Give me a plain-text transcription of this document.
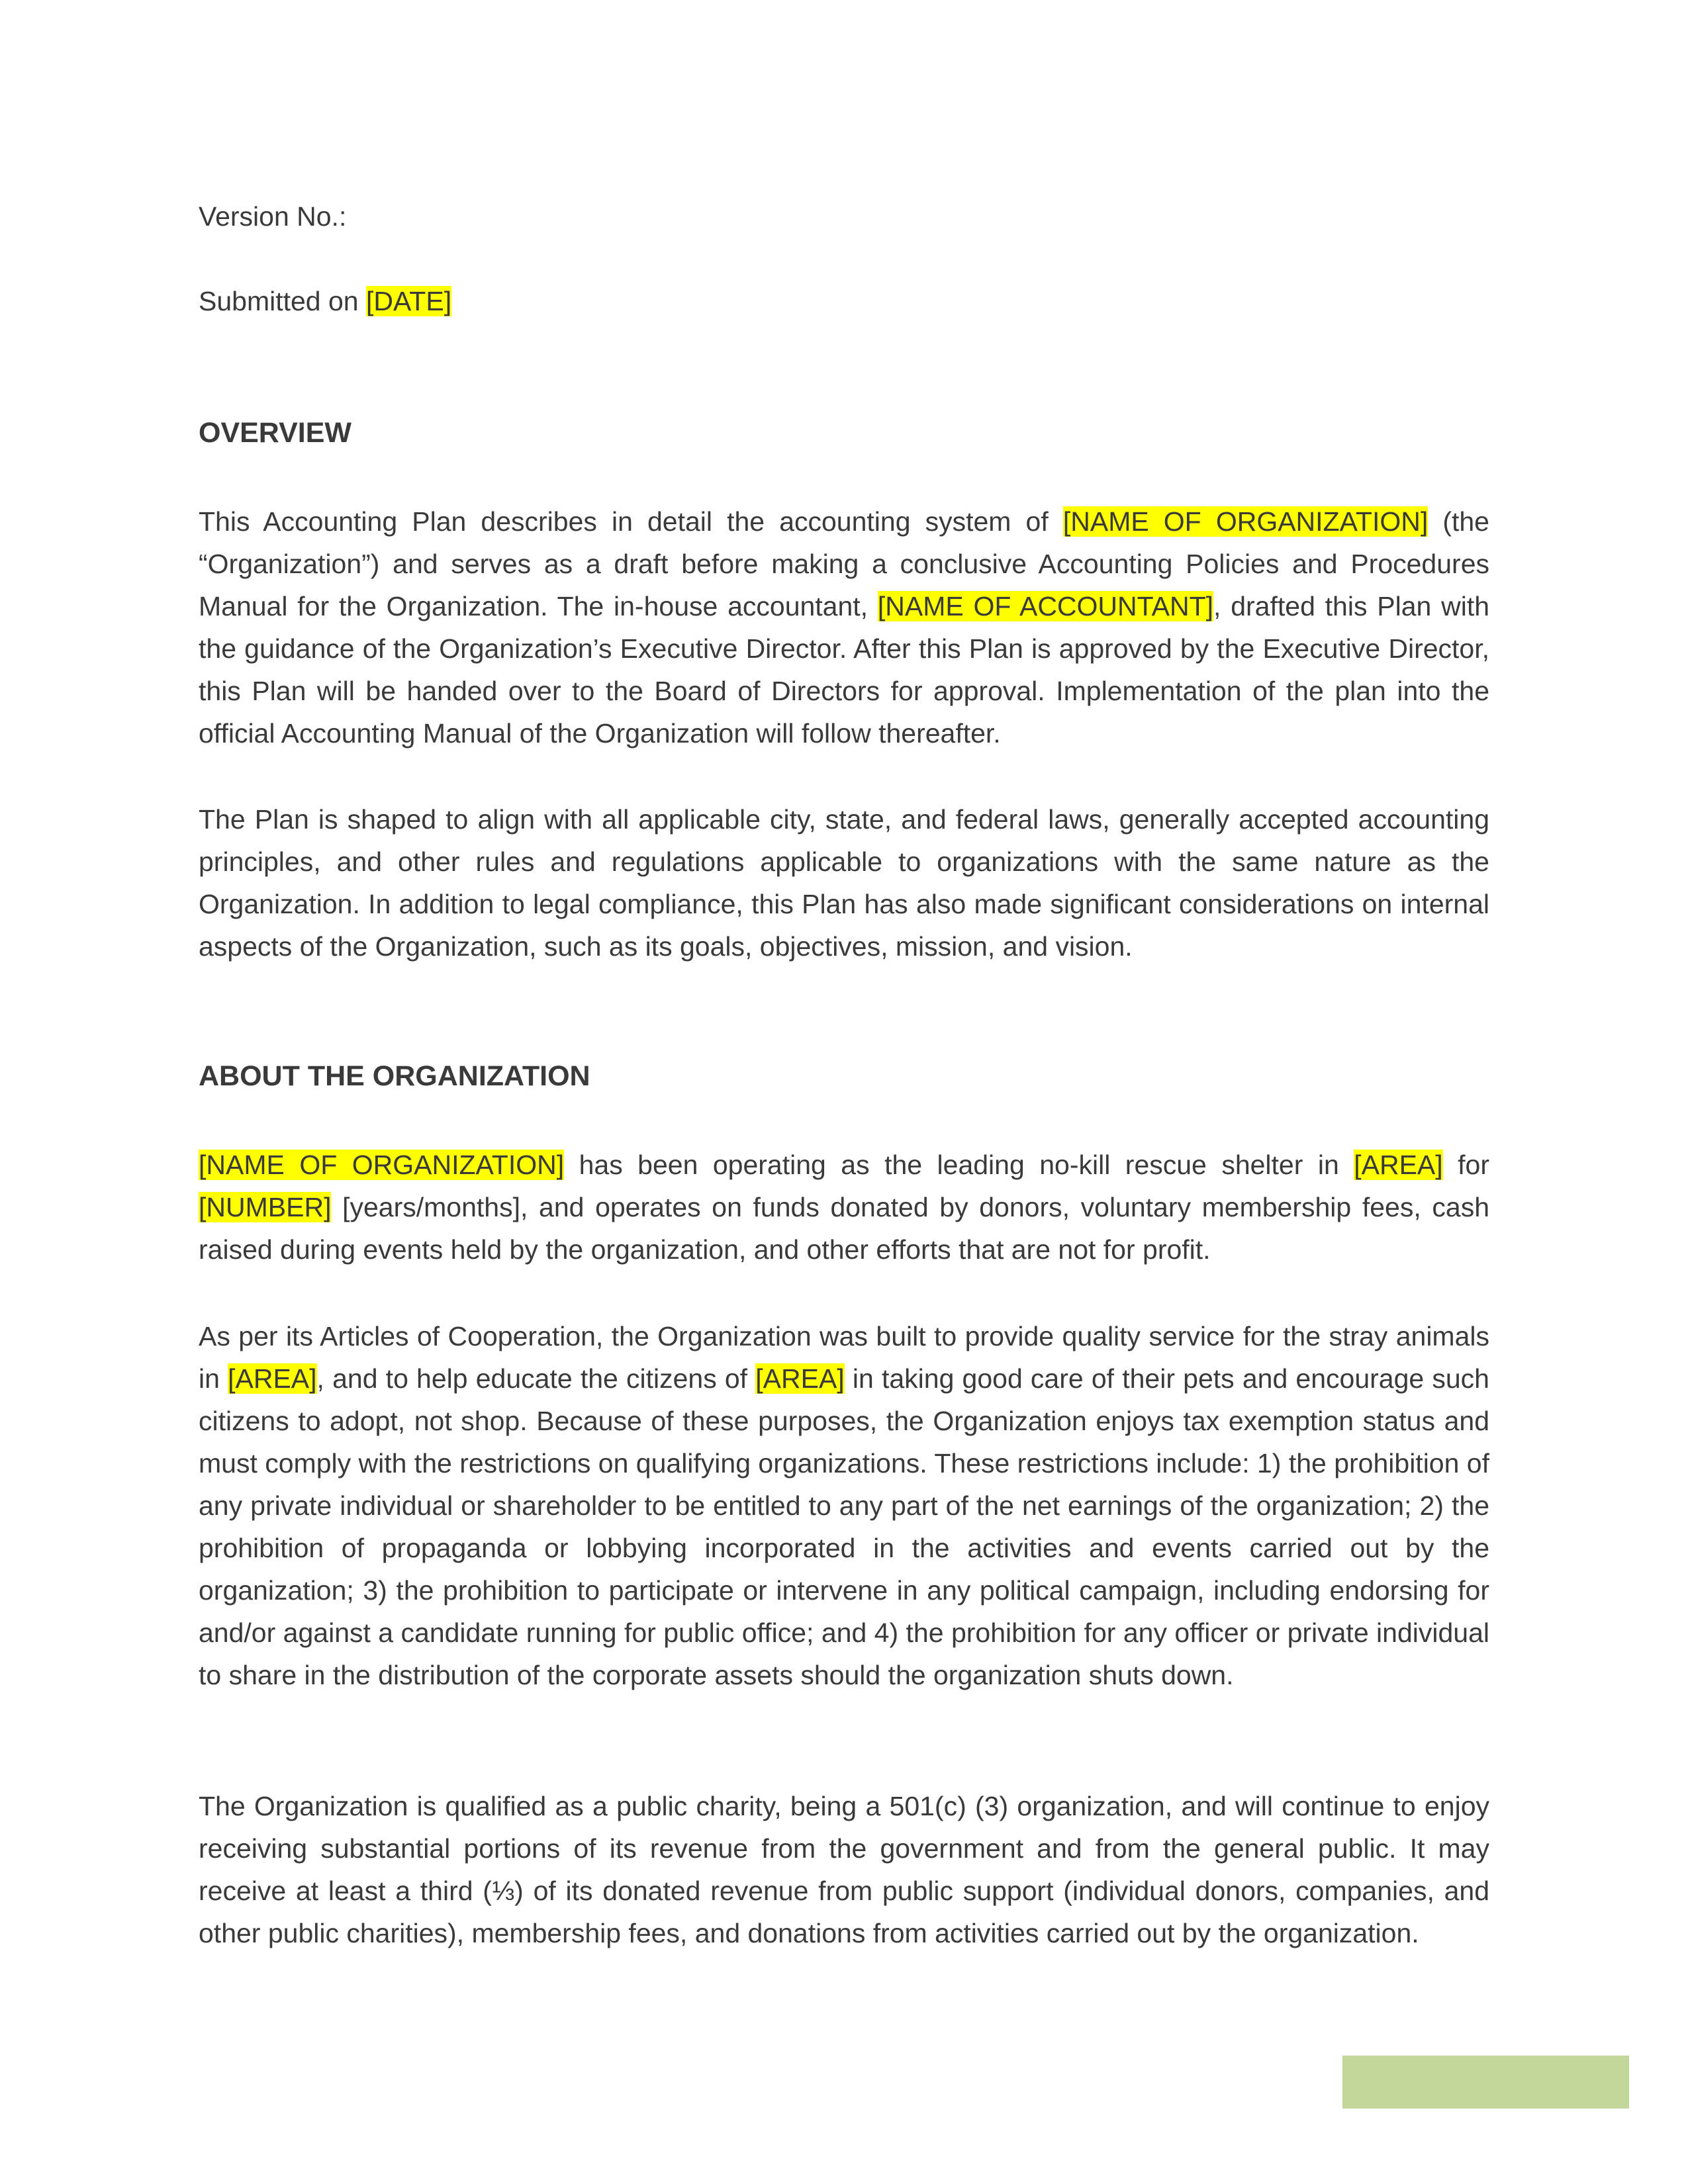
Version No.:
Submitted on [DATE]
OVERVIEW

This Accounting Plan describes in detail the accounting system of [NAME OF ORGANIZATION] (the “Organization”) and serves as a draft before making a conclusive Accounting Policies and Procedures Manual for the Organization. The in-house accountant, [NAME OF ACCOUNTANT], drafted this Plan with the guidance of the Organization’s Executive Director. After this Plan is approved by the Executive Director, this Plan will be handed over to the Board of Directors for approval. Implementation of the plan into the official Accounting Manual of the Organization will follow thereafter.

The Plan is shaped to align with all applicable city, state, and federal laws, generally accepted accounting principles, and other rules and regulations applicable to organizations with the same nature as the Organization. In addition to legal compliance, this Plan has also made significant considerations on internal aspects of the Organization, such as its goals, objectives, mission, and vision.

ABOUT THE ORGANIZATION

[NAME OF ORGANIZATION] has been operating as the leading no-kill rescue shelter in [AREA] for [NUMBER] [years/months], and operates on funds donated by donors, voluntary membership fees, cash raised during events held by the organization, and other efforts that are not for profit.

As per its Articles of Cooperation, the Organization was built to provide quality service for the stray animals in [AREA], and to help educate the citizens of [AREA] in taking good care of their pets and encourage such citizens to adopt, not shop. Because of these purposes, the Organization enjoys tax exemption status and must comply with the restrictions on qualifying organizations. These restrictions include: 1) the prohibition of any private individual or shareholder to be entitled to any part of the net earnings of the organization; 2) the prohibition of propaganda or lobbying incorporated in the activities and events carried out by the organization; 3) the prohibition to participate or intervene in any political campaign, including endorsing for and/or against a candidate running for public office; and 4) the prohibition for any officer or private individual to share in the distribution of the corporate assets should the organization shuts down.

The Organization is qualified as a public charity, being a 501(c) (3) organization, and will continue to enjoy receiving substantial portions of its revenue from the government and from the general public. It may receive at least a third (⅓) of its donated revenue from public support (individual donors, companies, and other public charities), membership fees, and donations from activities carried out by the organization.
